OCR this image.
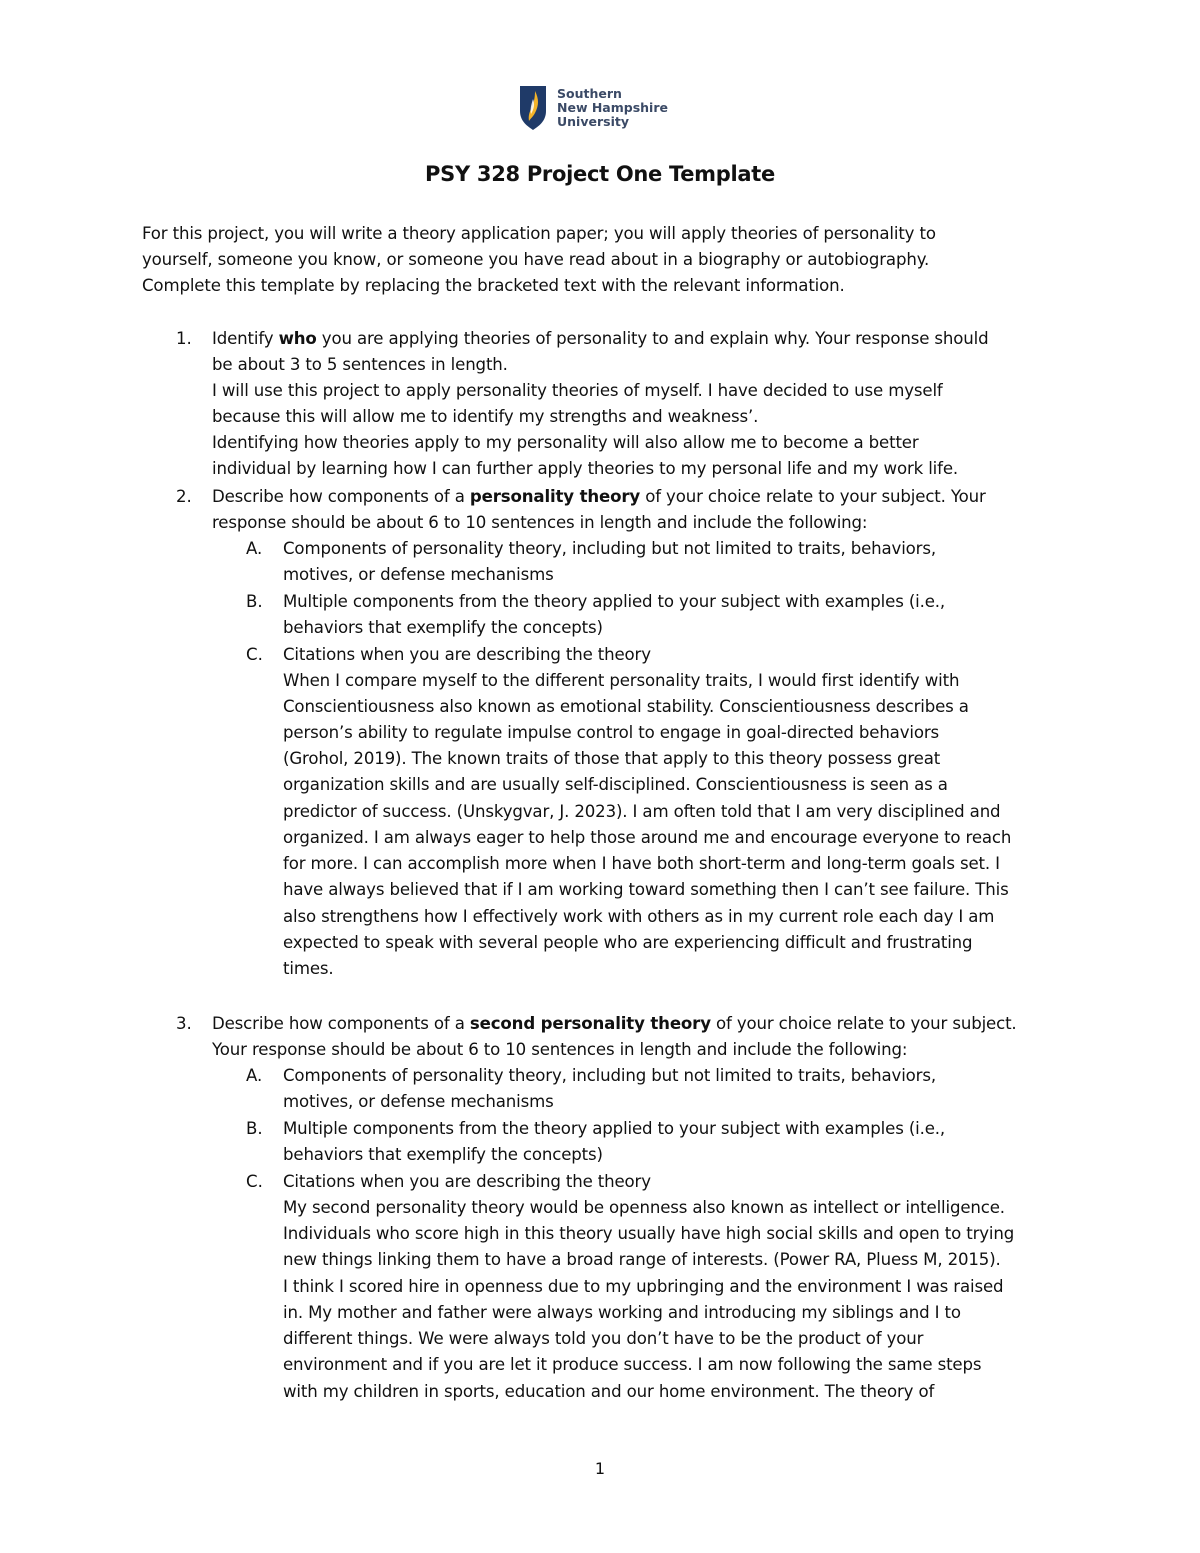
Southern
New Hampshire
University
PSY 328 Project One Template
For this project, you will write a theory application paper; you will apply theories of personality to
yourself, someone you know, or someone you have read about in a biography or autobiography.
Complete this template by replacing the bracketed text with the relevant information.
1. Identify who you are applying theories of personality to and explain why. Your response should
be about 3 to 5 sentences in length.
I will use this project to apply personality theories of myself. I have decided to use myself
because this will allow me to identify my strengths and weakness’.
Identifying how theories apply to my personality will also allow me to become a better
individual by learning how I can further apply theories to my personal life and my work life.
2. Describe how components of a personality theory of your choice relate to your subject. Your
response should be about 6 to 10 sentences in length and include the following:
A. Components of personality theory, including but not limited to traits, behaviors,
motives, or defense mechanisms
B. Multiple components from the theory applied to your subject with examples (i.e.,
behaviors that exemplify the concepts)
C. Citations when you are describing the theory
When I compare myself to the different personality traits, I would first identify with
Conscientiousness also known as emotional stability. Conscientiousness describes a
person’s ability to regulate impulse control to engage in goal-directed behaviors
(Grohol, 2019). The known traits of those that apply to this theory possess great
organization skills and are usually self-disciplined. Conscientiousness is seen as a
predictor of success. (Unskygvar, J. 2023). I am often told that I am very disciplined and
organized. I am always eager to help those around me and encourage everyone to reach
for more. I can accomplish more when I have both short-term and long-term goals set. I
have always believed that if I am working toward something then I can’t see failure. This
also strengthens how I effectively work with others as in my current role each day I am
expected to speak with several people who are experiencing difficult and frustrating
times.
3. Describe how components of a second personality theory of your choice relate to your subject.
Your response should be about 6 to 10 sentences in length and include the following:
A. Components of personality theory, including but not limited to traits, behaviors,
motives, or defense mechanisms
B. Multiple components from the theory applied to your subject with examples (i.e.,
behaviors that exemplify the concepts)
C. Citations when you are describing the theory
My second personality theory would be openness also known as intellect or intelligence.
Individuals who score high in this theory usually have high social skills and open to trying
new things linking them to have a broad range of interests. (Power RA, Pluess M, 2015).
I think I scored hire in openness due to my upbringing and the environment I was raised
in. My mother and father were always working and introducing my siblings and I to
different things. We were always told you don’t have to be the product of your
environment and if you are let it produce success. I am now following the same steps
with my children in sports, education and our home environment. The theory of
1
